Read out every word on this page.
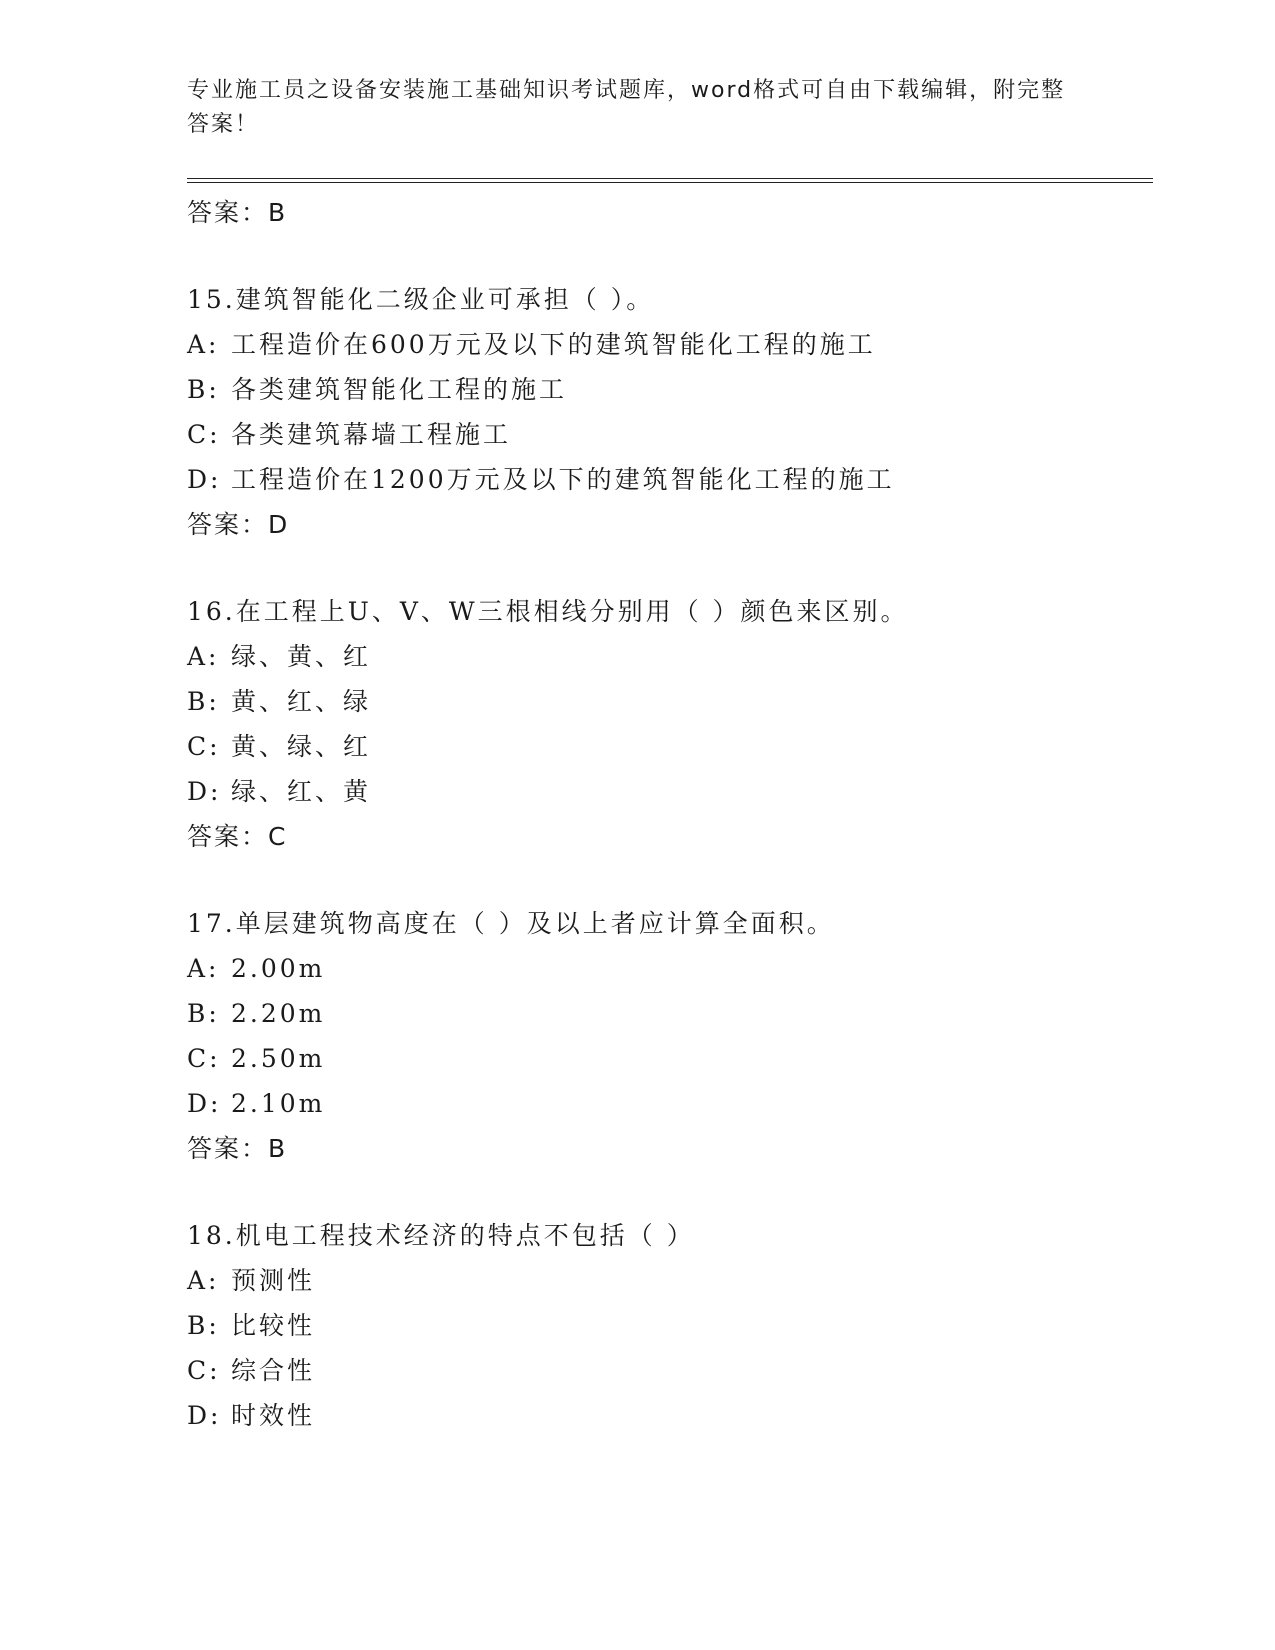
专业施工员之设备安装施工基础知识考试题库，word格式可自由下载编辑，附完整答案！
答案：B
15.建筑智能化二级企业可承担（ ）。
A: 工程造价在600万元及以下的建筑智能化工程的施工
B: 各类建筑智能化工程的施工
C: 各类建筑幕墙工程施工
D: 工程造价在1200万元及以下的建筑智能化工程的施工
答案：D
16.在工程上U、V、W三根相线分别用（ ）颜色来区别。
A: 绿、黄、红
B: 黄、红、绿
C: 黄、绿、红
D: 绿、红、黄
答案：C
17.单层建筑物高度在（ ）及以上者应计算全面积。
A: 2.00m
B: 2.20m
C: 2.50m
D: 2.10m
答案：B
18.机电工程技术经济的特点不包括（ ）
A: 预测性
B: 比较性
C: 综合性
D: 时效性
